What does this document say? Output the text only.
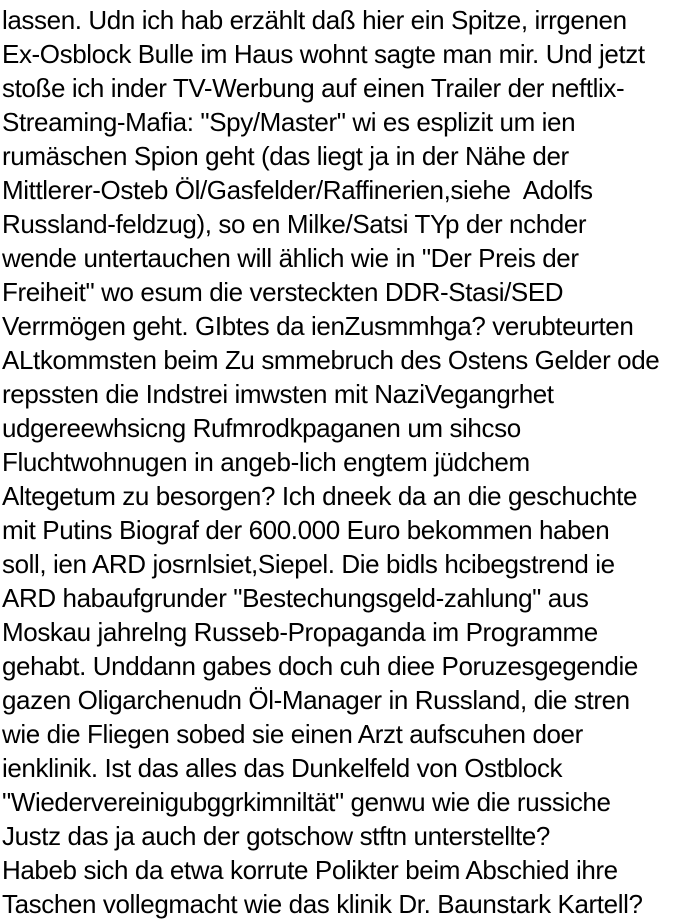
lassen. Udn ich hab erzählt daß hier ein Spitze, irrgenen
Ex-Osblock Bulle im Haus wohnt sagte man mir. Und jetzt
stoße ich inder TV-Werbung auf einen Trailer der neftlix-
Streaming-Mafia: "Spy/Master" wi es esplizit um ien
rumäschen Spion geht (das liegt ja in der Nähe der
Mittlerer-Osteb Öl/Gasfelder/Raffinerien,siehe  Adolfs
Russland-feldzug), so en Milke/Satsi TYp der nchder
wende untertauchen will ählich wie in "Der Preis der
Freiheit" wo esum die versteckten DDR-Stasi/SED
Verrmögen geht. GIbtes da ienZusmmhga? verubteurten
ALtkommsten beim Zu smmebruch des Ostens Gelder ode
repssten die Indstrei imwsten mit NaziVegangrhet
udgereewhsicng Rufmrodkpaganen um sihcso
Fluchtwohnugen in angeb-lich engtem jüdchem
Altegetum zu besorgen? Ich dneek da an die geschuchte
mit Putins Biograf der 600.000 Euro bekommen haben
soll, ien ARD josrnlsiet,Siepel. Die bidls hcibegstrend ie
ARD habaufgrunder "Bestechungsgeld-zahlung" aus
Moskau jahrelng Russeb-Propaganda im Programme
gehabt. Unddann gabes doch cuh diee Poruzesgegendie
gazen Oligarchenudn Öl-Manager in Russland, die stren
wie die Fliegen sobed sie einen Arzt aufscuhen doer
ienklinik. Ist das alles das Dunkelfeld von Ostblock
"Wiedervereinigubggrkimniltät" genwu wie die russiche
Justz das ja auch der gotschow stftn unterstellte?
Habeb sich da etwa korrute Polikter beim Abschied ihre
Taschen vollegmacht wie das klinik Dr. Baunstark Kartell?
